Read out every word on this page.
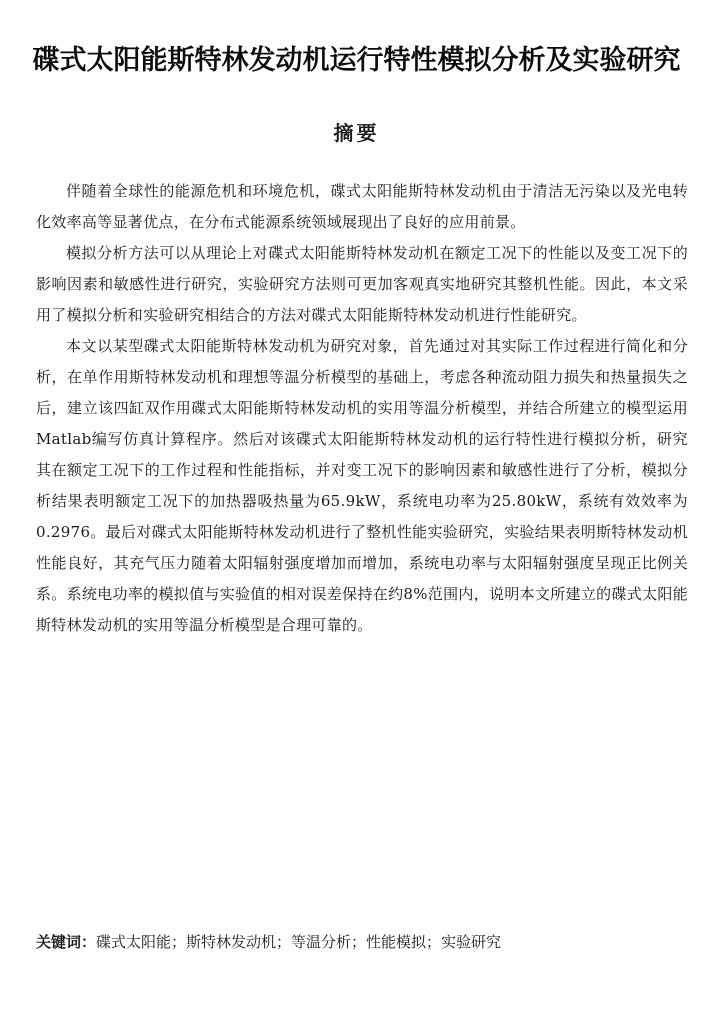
碟式太阳能斯特林发动机运行特性模拟分析及实验研究
摘要

伴随着全球性的能源危机和环境危机，碟式太阳能斯特林发动机由于清洁无污染以及光电转化效率高等显著优点，在分布式能源系统领域展现出了良好的应用前景。

模拟分析方法可以从理论上对碟式太阳能斯特林发动机在额定工况下的性能以及变工况下的影响因素和敏感性进行研究，实验研究方法则可更加客观真实地研究其整机性能。因此，本文采用了模拟分析和实验研究相结合的方法对碟式太阳能斯特林发动机进行性能研究。

本文以某型碟式太阳能斯特林发动机为研究对象，首先通过对其实际工作过程进行简化和分析，在单作用斯特林发动机和理想等温分析模型的基础上，考虑各种流动阻力损失和热量损失之后，建立该四缸双作用碟式太阳能斯特林发动机的实用等温分析模型，并结合所建立的模型运用Matlab编写仿真计算程序。然后对该碟式太阳能斯特林发动机的运行特性进行模拟分析，研究其在额定工况下的工作过程和性能指标，并对变工况下的影响因素和敏感性进行了分析，模拟分析结果表明额定工况下的加热器吸热量为65.9kW，系统电功率为25.80kW，系统有效效率为0.2976。最后对碟式太阳能斯特林发动机进行了整机性能实验研究，实验结果表明斯特林发动机性能良好，其充气压力随着太阳辐射强度增加而增加，系统电功率与太阳辐射强度呈现正比例关系。系统电功率的模拟值与实验值的相对误差保持在约8%范围内，说明本文所建立的碟式太阳能斯特林发动机的实用等温分析模型是合理可靠的。

关键词：碟式太阳能；斯特林发动机；等温分析；性能模拟；实验研究
